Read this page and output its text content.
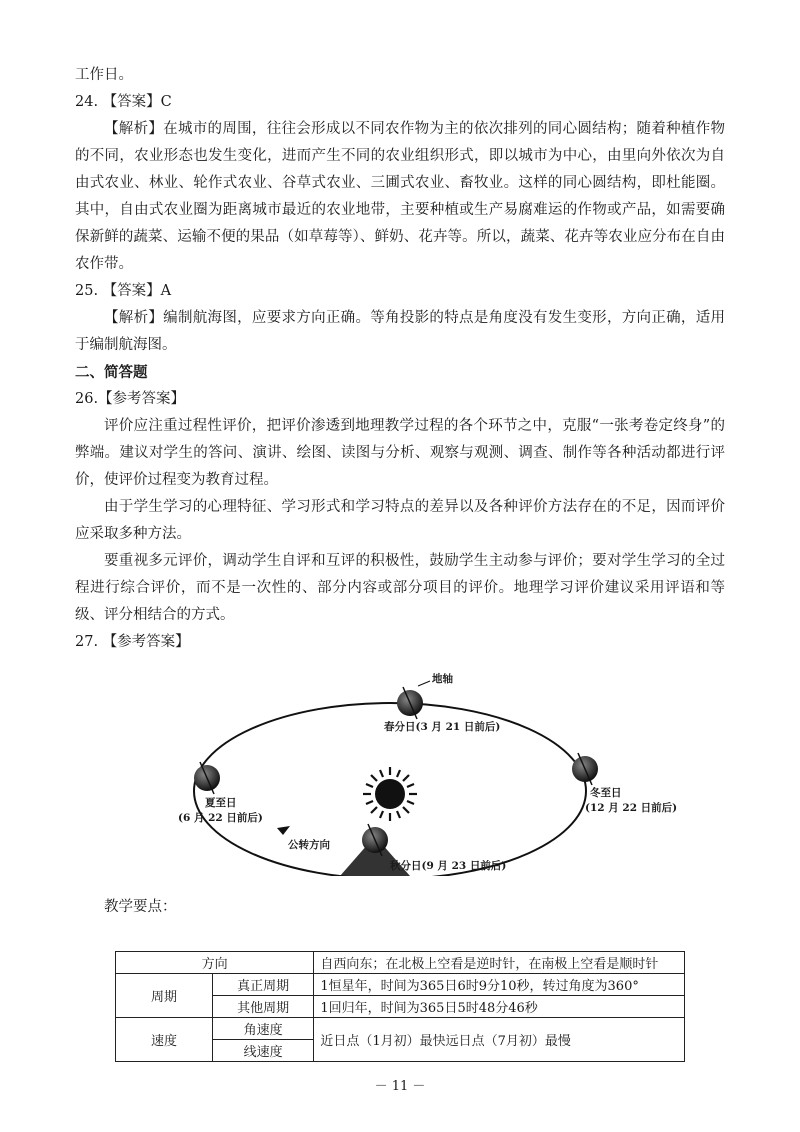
工作日。

24. 【答案】C

【解析】在城市的周围，往往会形成以不同农作物为主的依次排列的同心圆结构；随着种植作物的不同，农业形态也发生变化，进而产生不同的农业组织形式，即以城市为中心，由里向外依次为自由式农业、林业、轮作式农业、谷草式农业、三圃式农业、畜牧业。这样的同心圆结构，即杜能圈。其中，自由式农业圈为距离城市最近的农业地带，主要种植或生产易腐难运的作物或产品，如需要确保新鲜的蔬菜、运输不便的果品（如草莓等）、鲜奶、花卉等。所以，蔬菜、花卉等农业应分布在自由农作带。

25. 【答案】A

【解析】编制航海图，应要求方向正确。等角投影的特点是角度没有发生变形，方向正确，适用于编制航海图。

二、简答题

26.【参考答案】

评价应注重过程性评价，把评价渗透到地理教学过程的各个环节之中，克服“一张考卷定终身”的弊端。建议对学生的答问、演讲、绘图、读图与分析、观察与观测、调查、制作等各种活动都进行评价，使评价过程变为教育过程。

由于学生学习的心理特征、学习形式和学习特点的差异以及各种评价方法存在的不足，因而评价应采取多种方法。

要重视多元评价，调动学生自评和互评的积极性，鼓励学生主动参与评价；要对学生学习的全过程进行综合评价，而不是一次性的、部分内容或部分项目的评价。地理学习评价建议采用评语和等级、评分相结合的方式。

27. 【参考答案】

地轴
春分日(3 月 21 日前后)
夏至日
(6 月 22 日前后)
冬至日
(12 月 22 日前后)
公转方向
秋分日(9 月 23 日前后)

教学要点：

方向		自西向东；在北极上空看是逆时针，在南极上空看是顺时针
周期	真正周期	1恒星年，时间为365日6时9分10秒，转过角度为360°
	其他周期	1回归年，时间为365日5时48分46秒
速度	角速度	近日点（1月初）最快远日点（7月初）最慢
	线速度	
－ 11 －
